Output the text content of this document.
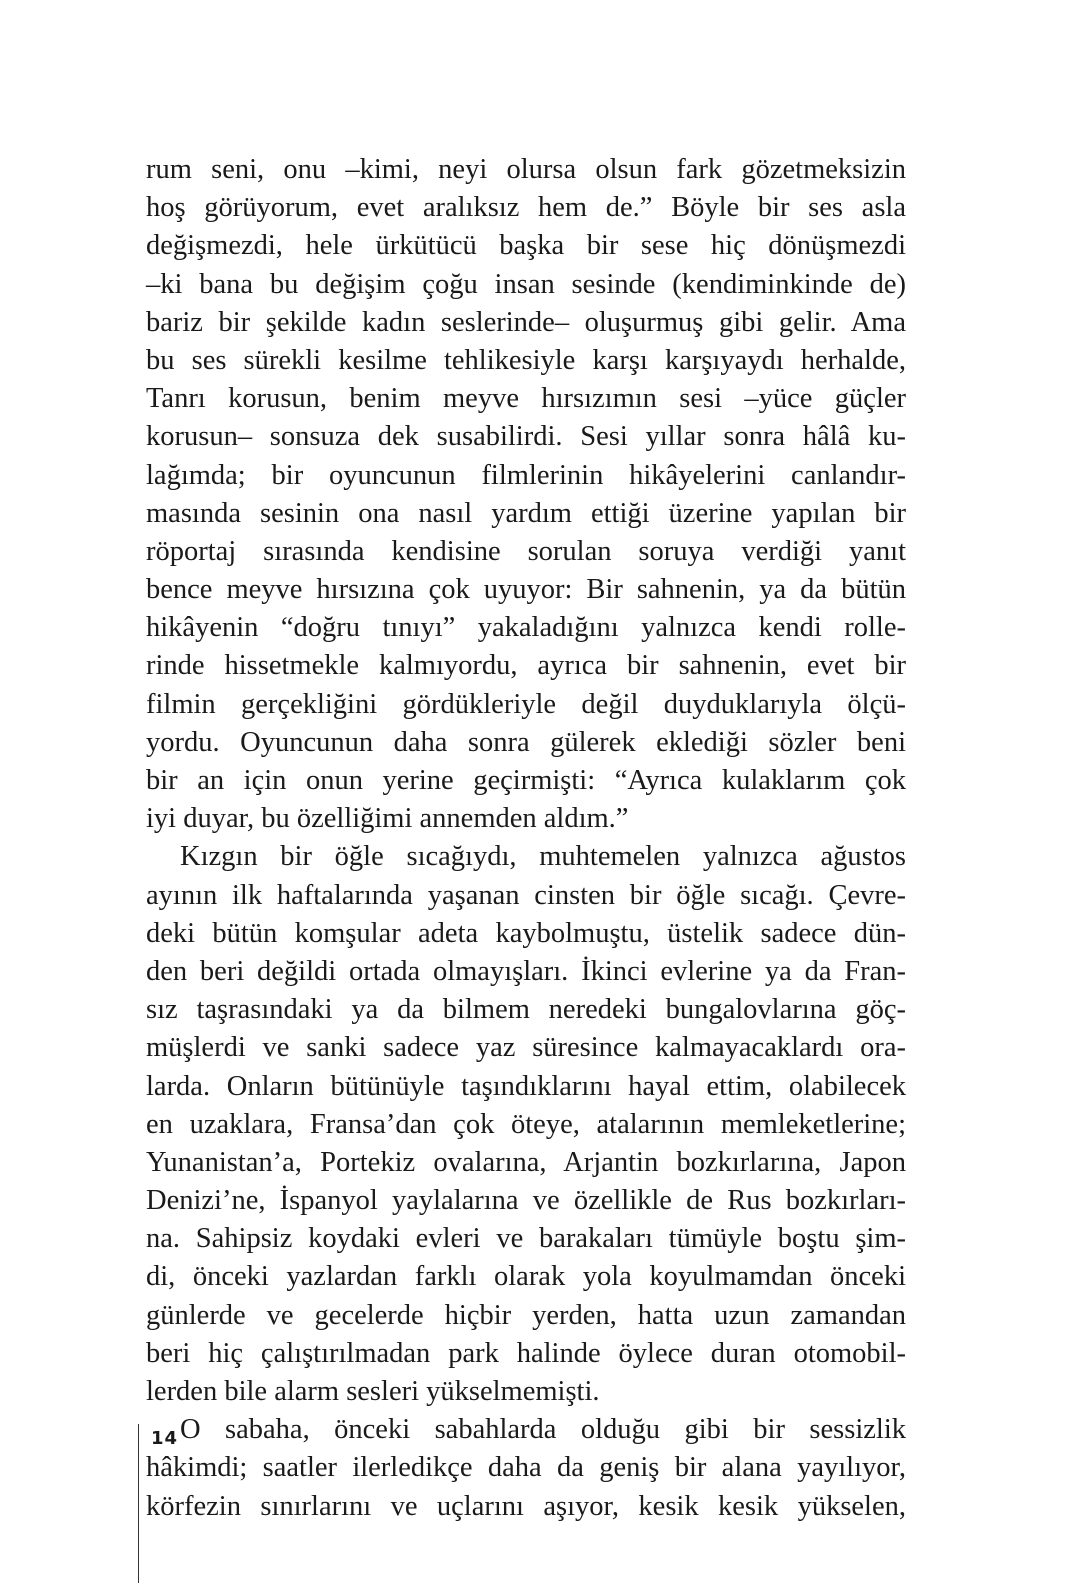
rum seni, onu –kimi, neyi olursa olsun fark gözetmeksizin
hoş görüyorum, evet aralıksız hem de.” Böyle bir ses asla
değişmezdi, hele ürkütücü başka bir sese hiç dönüşmezdi
–ki bana bu değişim çoğu insan sesinde (kendiminkinde de)
bariz bir şekilde kadın seslerinde– oluşurmuş gibi gelir. Ama
bu ses sürekli kesilme tehlikesiyle karşı karşıyaydı herhalde,
Tanrı korusun, benim meyve hırsızımın sesi –yüce güçler
korusun– sonsuza dek susabilirdi. Sesi yıllar sonra hâlâ ku-
lağımda; bir oyuncunun filmlerinin hikâyelerini canlandır-
masında sesinin ona nasıl yardım ettiği üzerine yapılan bir
röportaj sırasında kendisine sorulan soruya verdiği yanıt
bence meyve hırsızına çok uyuyor: Bir sahnenin, ya da bütün
hikâyenin “doğru tınıyı” yakaladığını yalnızca kendi rolle-
rinde hissetmekle kalmıyordu, ayrıca bir sahnenin, evet bir
filmin gerçekliğini gördükleriyle değil duyduklarıyla ölçü-
yordu. Oyuncunun daha sonra gülerek eklediği sözler beni
bir an için onun yerine geçirmişti: “Ayrıca kulaklarım çok
iyi duyar, bu özelliğimi annemden aldım.”
Kızgın bir öğle sıcağıydı, muhtemelen yalnızca ağustos
ayının ilk haftalarında yaşanan cinsten bir öğle sıcağı. Çevre-
deki bütün komşular adeta kaybolmuştu, üstelik sadece dün-
den beri değildi ortada olmayışları. İkinci evlerine ya da Fran-
sız taşrasındaki ya da bilmem neredeki bungalovlarına göç-
müşlerdi ve sanki sadece yaz süresince kalmayacaklardı ora-
larda. Onların bütünüyle taşındıklarını hayal ettim, olabilecek
en uzaklara, Fransa’dan çok öteye, atalarının memleketlerine;
Yunanistan’a, Portekiz ovalarına, Arjantin bozkırlarına, Japon
Denizi’ne, İspanyol yaylalarına ve özellikle de Rus bozkırları-
na. Sahipsiz koydaki evleri ve barakaları tümüyle boştu şim-
di, önceki yazlardan farklı olarak yola koyulmamdan önceki
günlerde ve gecelerde hiçbir yerden, hatta uzun zamandan
beri hiç çalıştırılmadan park halinde öylece duran otomobil-
lerden bile alarm sesleri yükselmemişti.
O sabaha, önceki sabahlarda olduğu gibi bir sessizlik
hâkimdi; saatler ilerledikçe daha da geniş bir alana yayılıyor,
körfezin sınırlarını ve uçlarını aşıyor, kesik kesik yükselen,
14
